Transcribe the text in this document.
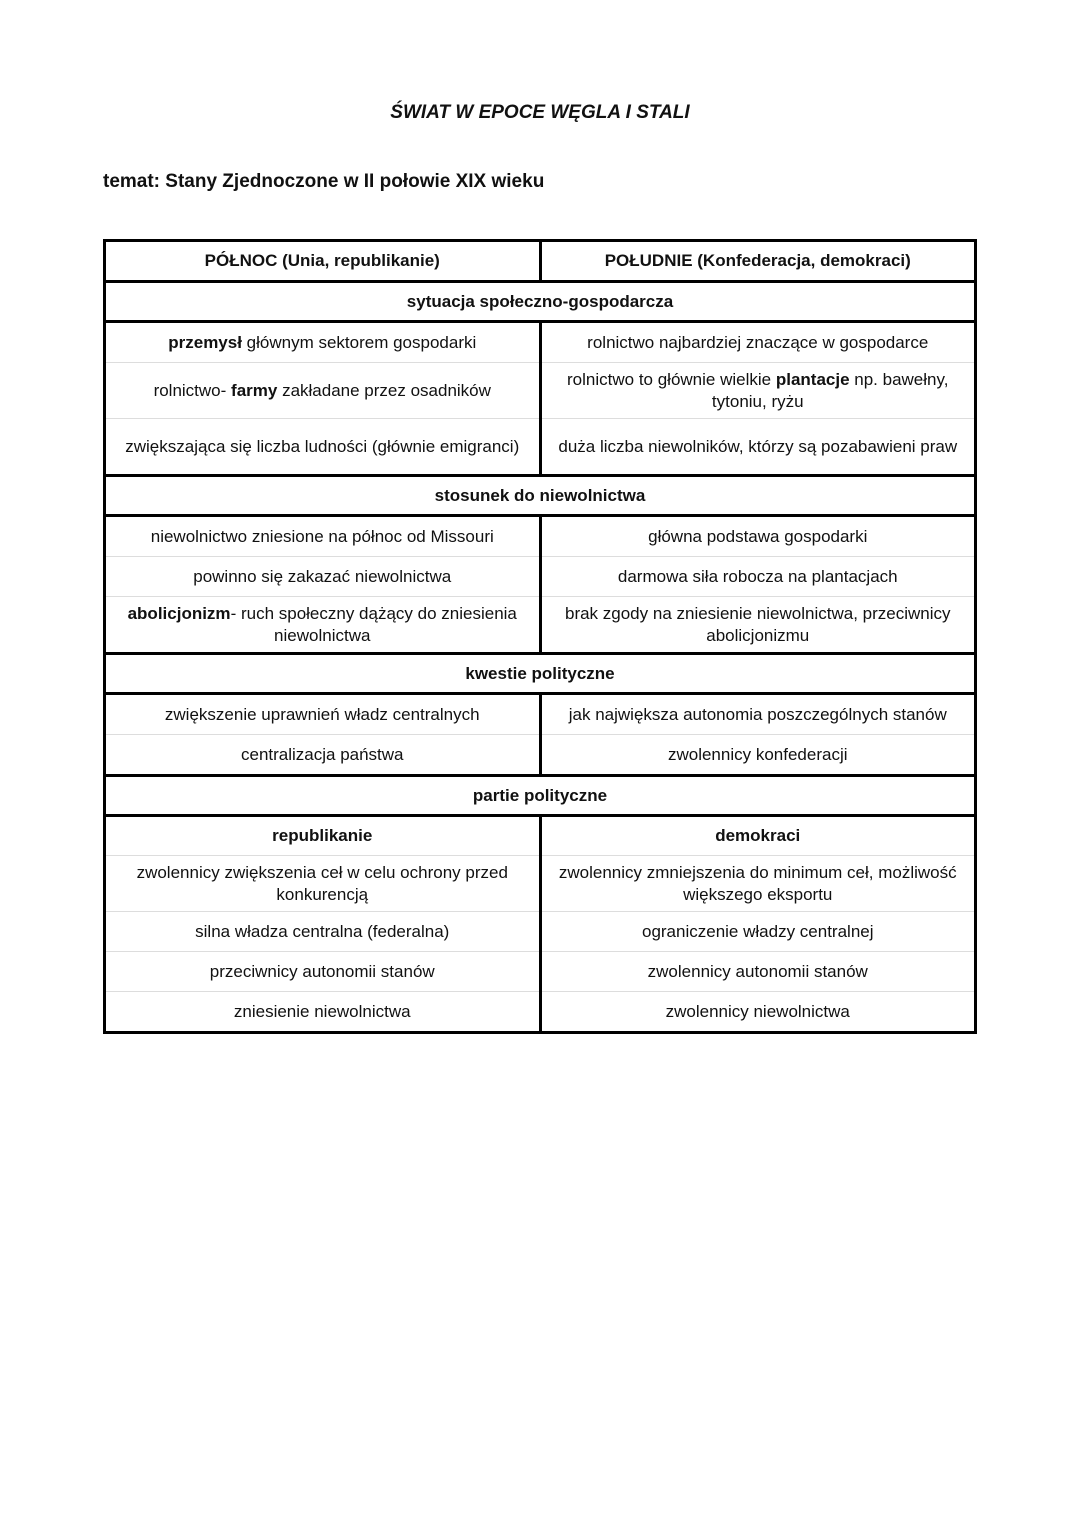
ŚWIAT W EPOCE WĘGLA I STALI
temat: Stany Zjednoczone w II połowie XIX wieku
PÓŁNOC (Unia, republikanie)	POŁUDNIE (Konfederacja, demokraci)
sytuacja społeczno-gospodarcza	
przemysł głównym sektorem gospodarki	rolnictwo najbardziej znaczące w gospodarce
rolnictwo- farmy zakładane przez osadników	rolnictwo to głównie wielkie plantacje np. bawełny, tytoniu, ryżu
zwiększająca się liczba ludności (głównie emigranci)	duża liczba niewolników, którzy są pozabawieni praw
stosunek do niewolnictwa	
niewolnictwo zniesione na północ od Missouri	główna podstawa gospodarki
powinno się zakazać niewolnictwa	darmowa siła robocza na plantacjach
abolicjonizm- ruch społeczny dążący do zniesienia niewolnictwa	brak zgody na zniesienie niewolnictwa, przeciwnicy abolicjonizmu
kwestie polityczne	
zwiększenie uprawnień władz centralnych	jak największa autonomia poszczególnych stanów
centralizacja państwa	zwolennicy konfederacji
partie polityczne	
republikanie	demokraci
zwolennicy zwiększenia ceł w celu ochrony przed konkurencją	zwolennicy zmniejszenia do minimum ceł, możliwość większego eksportu
silna władza centralna (federalna)	ograniczenie władzy centralnej
przeciwnicy autonomii stanów	zwolennicy autonomii stanów
zniesienie niewolnictwa	zwolennicy niewolnictwa
